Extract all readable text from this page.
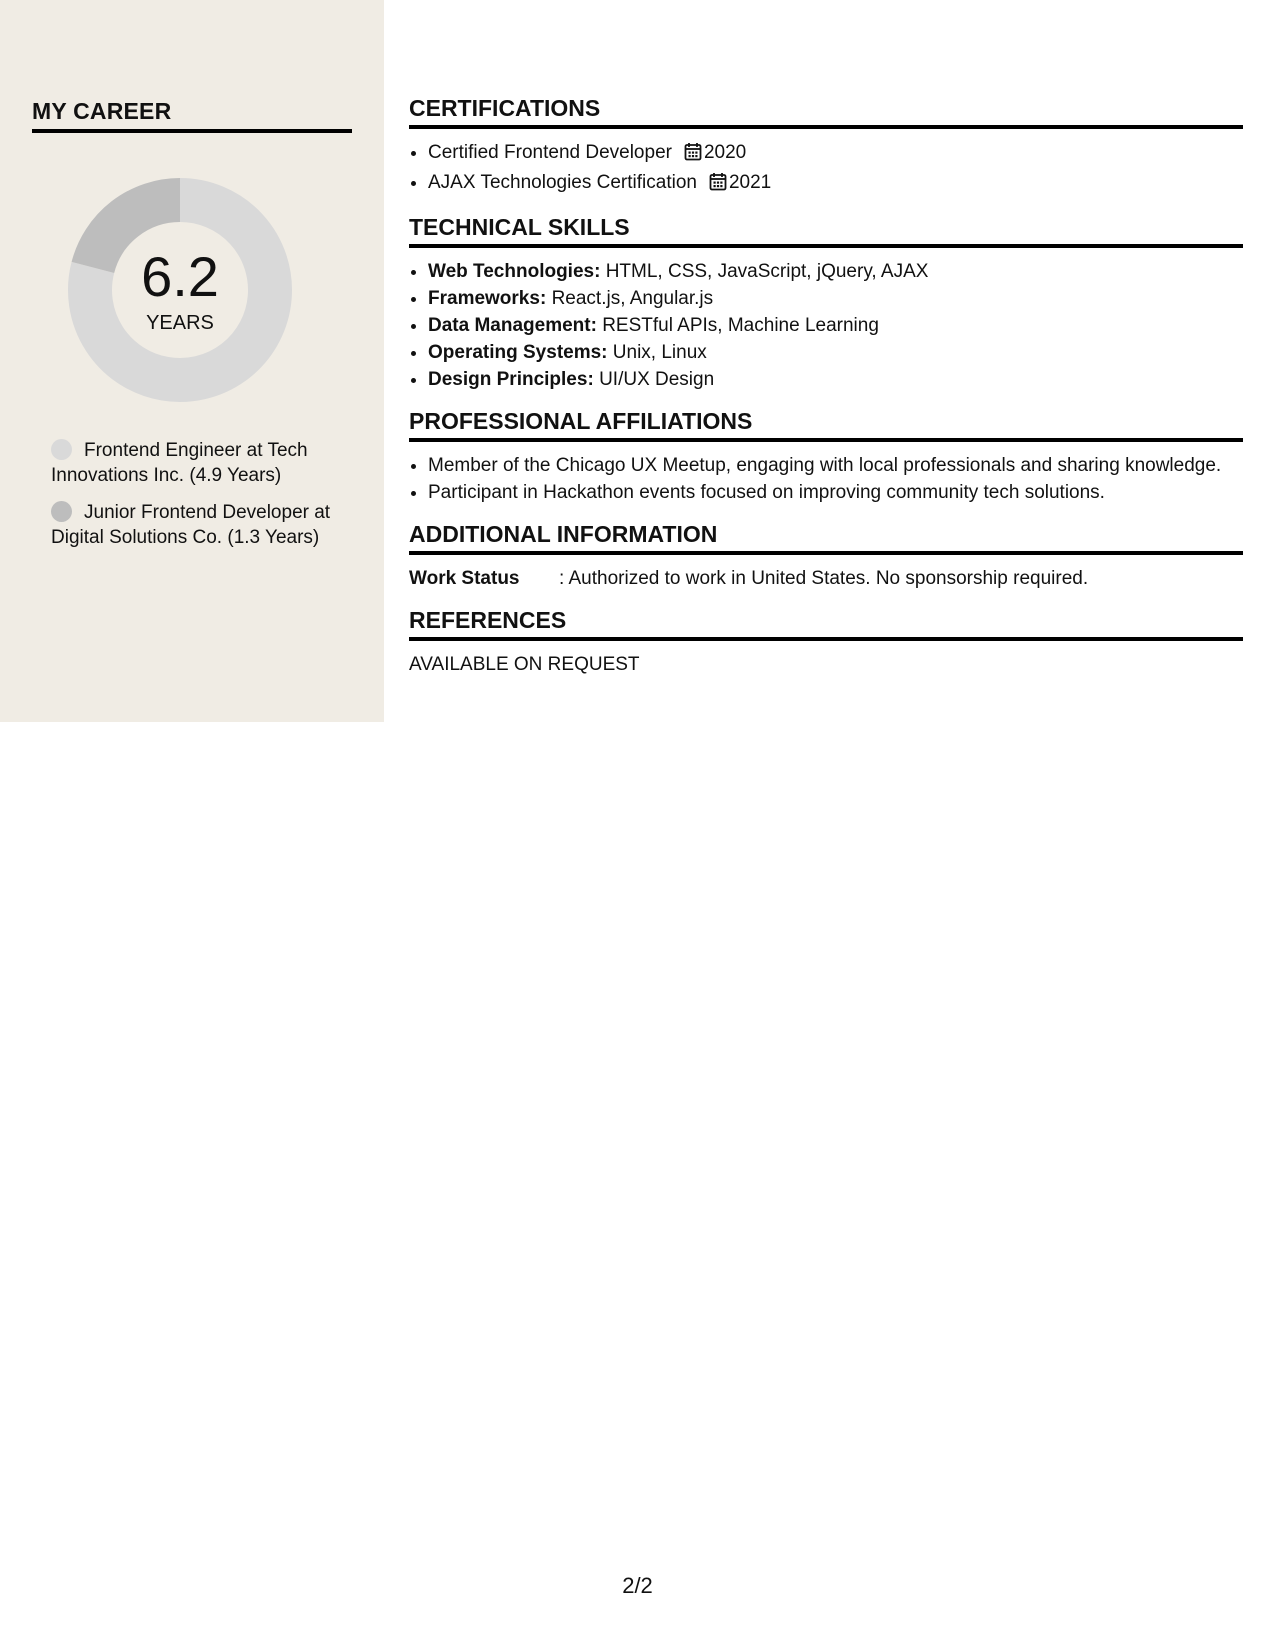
MY CAREER
6.2
YEARS
Frontend Engineer at Tech Innovations Inc. (4.9 Years)
Junior Frontend Developer at Digital Solutions Co. (1.3 Years)
CERTIFICATIONS
• Certified Frontend Developer 2020
• AJAX Technologies Certification 2021
TECHNICAL SKILLS
• Web Technologies: HTML, CSS, JavaScript, jQuery, AJAX
• Frameworks: React.js, Angular.js
• Data Management: RESTful APIs, Machine Learning
• Operating Systems: Unix, Linux
• Design Principles: UI/UX Design
PROFESSIONAL AFFILIATIONS
• Member of the Chicago UX Meetup, engaging with local professionals and sharing knowledge.
• Participant in Hackathon events focused on improving community tech solutions.
ADDITIONAL INFORMATION
Work Status : Authorized to work in United States. No sponsorship required.
REFERENCES
AVAILABLE ON REQUEST
2/2
